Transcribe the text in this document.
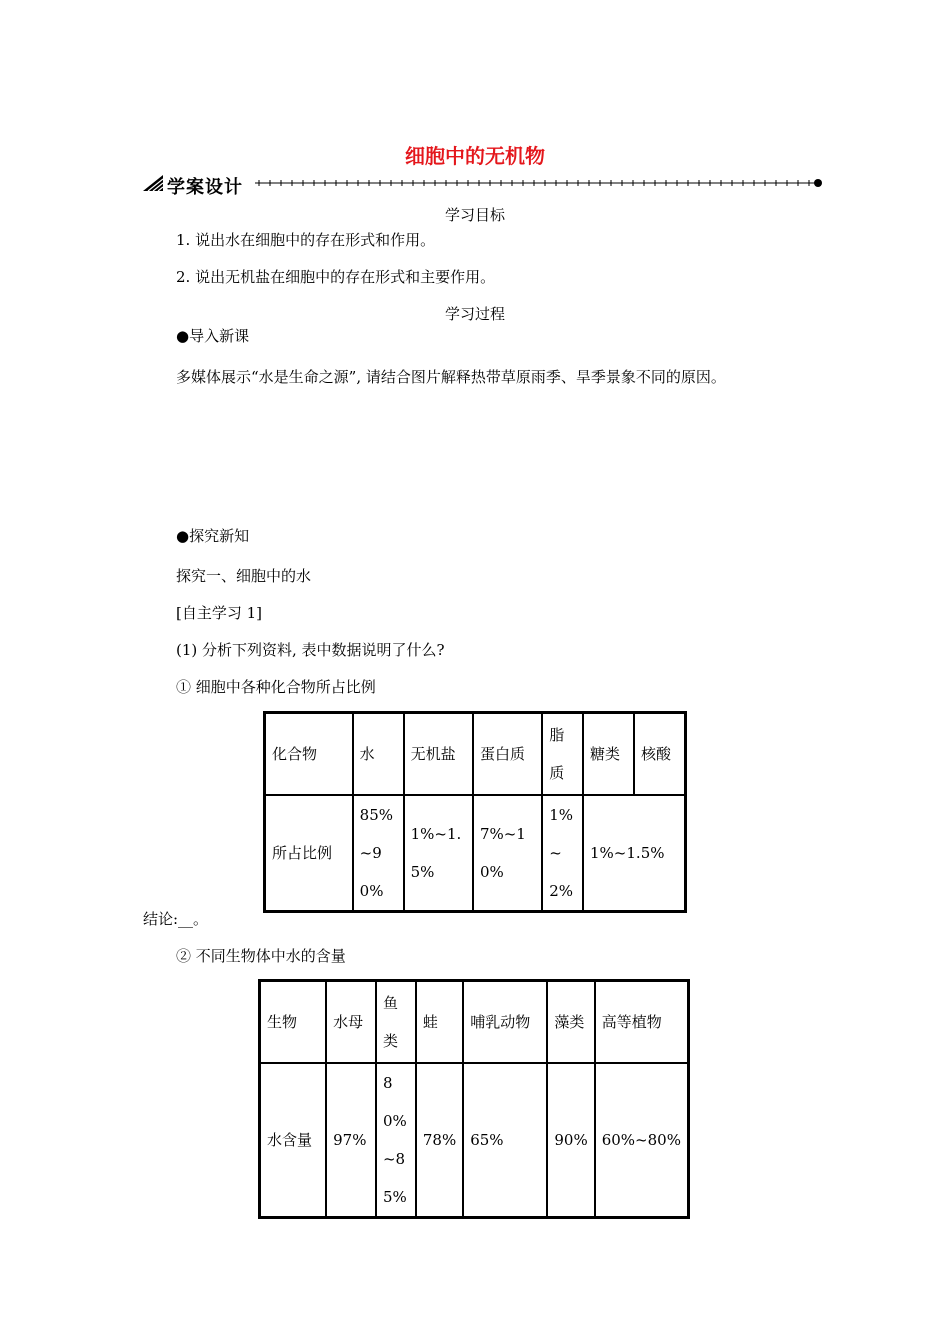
细胞中的无机物
学案设计
学习目标
1. 说出水在细胞中的存在形式和作用。
2. 说出无机盐在细胞中的存在形式和主要作用。
学习过程
●导入新课
多媒体展示“水是生命之源”, 请结合图片解释热带草原雨季、旱季景象不同的原因。
●探究新知
探究一、细胞中的水
[自主学习 1]
(1) 分析下列资料, 表中数据说明了什么?
① 细胞中各种化合物所占比例
化合物	水	无机盐	蛋白质	脂质	糖类	核酸
所占比例	85%~90%	1%~1.5%	7%~10%	1%~2%	1%~1.5%	
结论:__。
② 不同生物体中水的含量
生物	水母	鱼类	蛙	哺乳动物	藻类	高等植物
水含量	97%	80%~85%	78%	65%	90%	60%~80%
